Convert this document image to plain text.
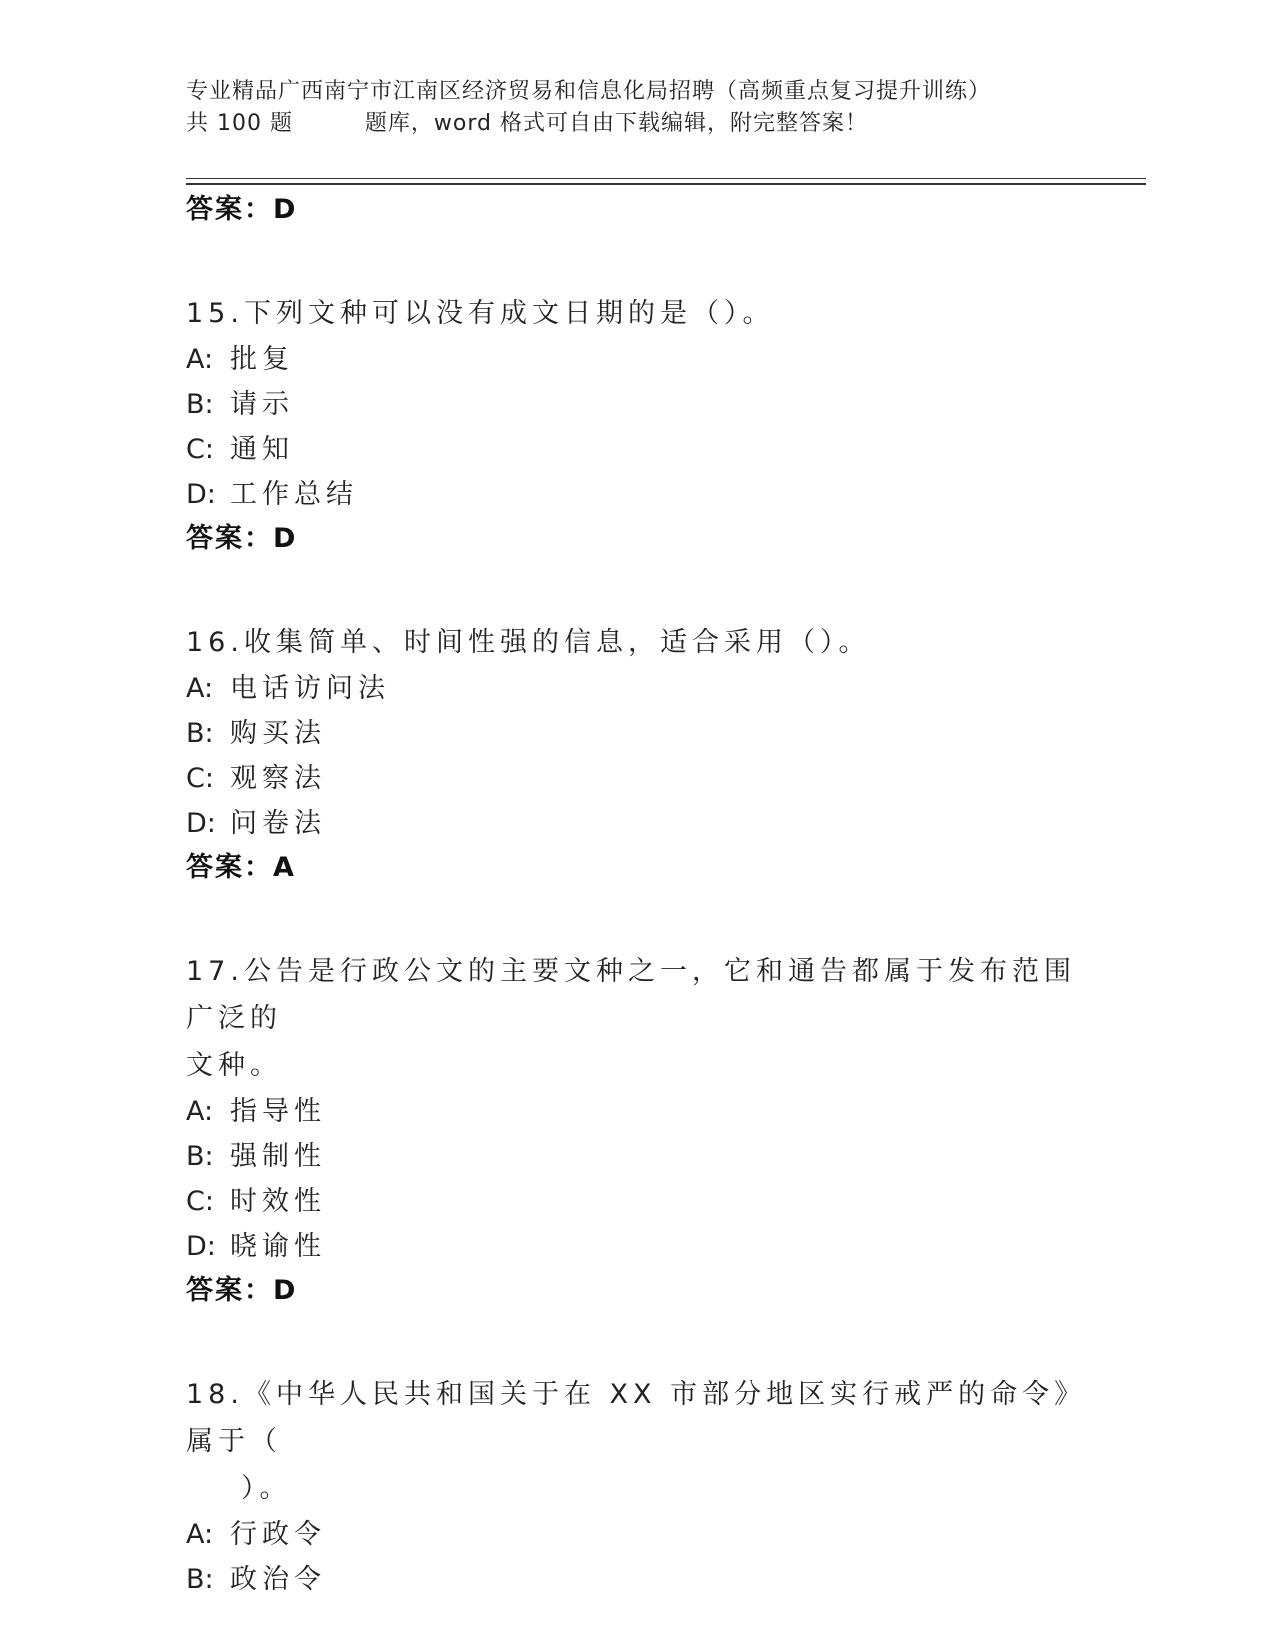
专业精品广西南宁市江南区经济贸易和信息化局招聘（高频重点复习提升训练）
共 100 题         题库，word 格式可自由下载编辑，附完整答案！
答案：D
15.下列文种可以没有成文日期的是（）。
A: 批复
B: 请示
C: 通知
D: 工作总结
答案：D
16.收集简单、时间性强的信息，适合采用（）。
A: 电话访问法
B: 购买法
C: 观察法
D: 问卷法
答案：A
17.公告是行政公文的主要文种之一，它和通告都属于发布范围广泛的
文种。
A: 指导性
B: 强制性
C: 时效性
D: 晓谕性
答案：D
18.《中华人民共和国关于在 XX 市部分地区实行戒严的命令》属于（
）。
A: 行政令
B: 政治令
